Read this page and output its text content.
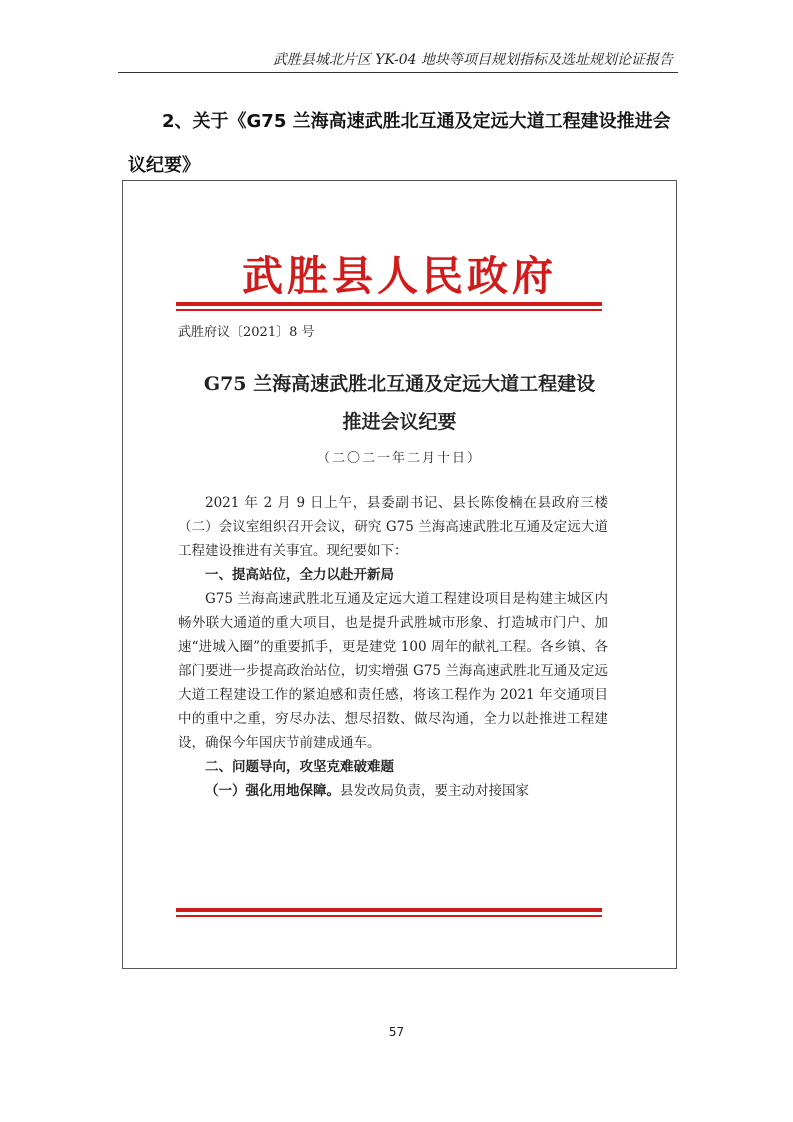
武胜县城北片区 YK-04 地块等项目规划指标及选址规划论证报告
2、关于《G75 兰海高速武胜北互通及定远大道工程建设推进会
议纪要》
武胜县人民政府
武胜府议〔2021〕8 号
G75 兰海高速武胜北互通及定远大道工程建设
推进会议纪要
（二〇二一年二月十日）

2021 年 2 月 9 日上午，县委副书记、县长陈俊楠在县政府三楼（二）会议室组织召开会议，研究 G75 兰海高速武胜北互通及定远大道工程建设推进有关事宜。现纪要如下：

一、提高站位，全力以赴开新局

G75 兰海高速武胜北互通及定远大道工程建设项目是构建主城区内畅外联大通道的重大项目，也是提升武胜城市形象、打造城市门户、加速“进城入圈”的重要抓手，更是建党 100 周年的献礼工程。各乡镇、各部门要进一步提高政治站位，切实增强 G75 兰海高速武胜北互通及定远大道工程建设工作的紧迫感和责任感，将该工程作为 2021 年交通项目中的重中之重，穷尽办法、想尽招数、做尽沟通，全力以赴推进工程建设，确保今年国庆节前建成通车。

二、问题导向，攻坚克难破难题

（一）强化用地保障。县发改局负责，要主动对接国家

57
